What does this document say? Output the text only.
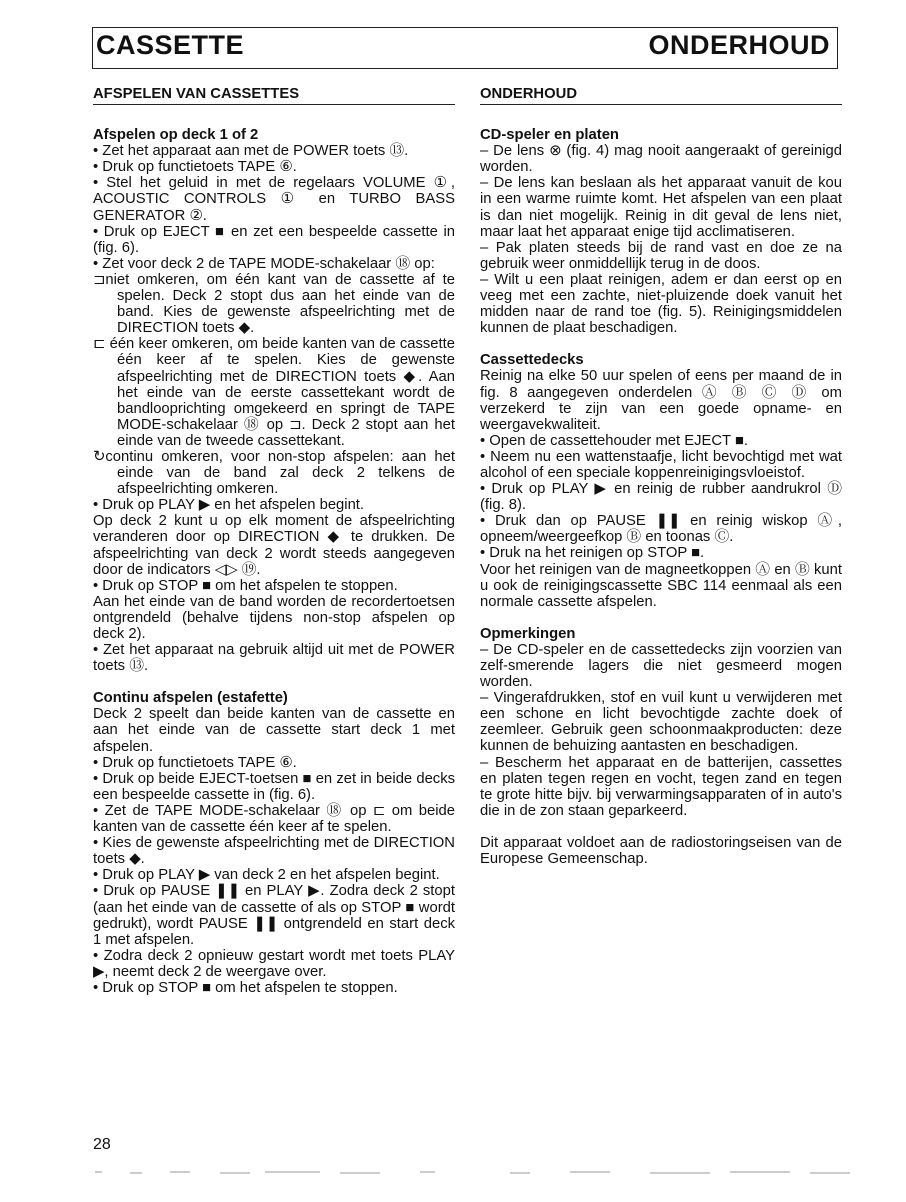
CASSETTE	ONDERHOUD
AFSPELEN VAN CASSETTES
Afspelen op deck 1 of 2

• Zet het apparaat aan met de POWER toets ⑬.

• Druk op functietoets TAPE ⑥.

• Stel het geluid in met de regelaars VOLUME ①, ACOUSTIC CONTROLS ① en TURBO BASS GENERATOR ②.

• Druk op EJECT ■ en zet een bespeelde cassette in (fig. 6).

• Zet voor deck 2 de TAPE MODE-schakelaar ⑱ op:

⊐niet omkeren, om één kant van de cassette af te spelen. Deck 2 stopt dus aan het einde van de band. Kies de gewenste afspeelrichting met de DIRECTION toets ◆.

⊏ één keer omkeren, om beide kanten van de cassette één keer af te spelen. Kies de gewenste afspeelrichting met de DIRECTION toets ◆. Aan het einde van de eerste cassettekant wordt de bandlooprichting omgekeerd en springt de TAPE MODE-schakelaar ⑱ op ⊐. Deck 2 stopt aan het einde van de tweede cassettekant.

↻continu omkeren, voor non-stop afspelen: aan het einde van de band zal deck 2 telkens de afspeelrichting omkeren.

• Druk op PLAY ▶ en het afspelen begint.

Op deck 2 kunt u op elk moment de afspeelrichting veranderen door op DIRECTION ◆ te drukken. De afspeelrichting van deck 2 wordt steeds aangegeven door de indicators ◁▷ ⑲.

• Druk op STOP ■ om het afspelen te stoppen.

Aan het einde van de band worden de recordertoetsen ontgrendeld (behalve tijdens non-stop afspelen op deck 2).

• Zet het apparaat na gebruik altijd uit met de POWER toets ⑬.

Continu afspelen (estafette)

Deck 2 speelt dan beide kanten van de cassette en aan het einde van de cassette start deck 1 met afspelen.

• Druk op functietoets TAPE ⑥.

• Druk op beide EJECT-toetsen ■ en zet in beide decks een bespeelde cassette in (fig. 6).

• Zet de TAPE MODE-schakelaar ⑱ op ⊏ om beide kanten van de cassette één keer af te spelen.

• Kies de gewenste afspeelrichting met de DIRECTION toets ◆.

• Druk op PLAY ▶ van deck 2 en het afspelen begint.

• Druk op PAUSE ❚❚ en PLAY ▶. Zodra deck 2 stopt (aan het einde van de cassette of als op STOP ■ wordt gedrukt), wordt PAUSE ❚❚ ontgrendeld en start deck 1 met afspelen.

• Zodra deck 2 opnieuw gestart wordt met toets PLAY ▶, neemt deck 2 de weergave over.

• Druk op STOP ■ om het afspelen te stoppen.

ONDERHOUD
CD-speler en platen

– De lens ⊗ (fig. 4) mag nooit aangeraakt of gereinigd worden.

– De lens kan beslaan als het apparaat vanuit de kou in een warme ruimte komt. Het afspelen van een plaat is dan niet mogelijk. Reinig in dit geval de lens niet, maar laat het apparaat enige tijd acclimatiseren.

– Pak platen steeds bij de rand vast en doe ze na gebruik weer onmiddellijk terug in de doos.

– Wilt u een plaat reinigen, adem er dan eerst op en veeg met een zachte, niet-pluizende doek vanuit het midden naar de rand toe (fig. 5). Reinigingsmiddelen kunnen de plaat beschadigen.

Cassettedecks

Reinig na elke 50 uur spelen of eens per maand de in fig. 8 aangegeven onderdelen Ⓐ Ⓑ Ⓒ Ⓓ om verzekerd te zijn van een goede opname- en weergavekwaliteit.

• Open de cassettehouder met EJECT ■.

• Neem nu een wattenstaafje, licht bevochtigd met wat alcohol of een speciale koppenreinigingsvloeistof.

• Druk op PLAY ▶ en reinig de rubber aandrukrol Ⓓ (fig. 8).

• Druk dan op PAUSE ❚❚ en reinig wiskop Ⓐ, opneem/weergeefkop Ⓑ en toonas Ⓒ.

• Druk na het reinigen op STOP ■.

Voor het reinigen van de magneetkoppen Ⓐ en Ⓑ kunt u ook de reinigingscassette SBC 114 eenmaal als een normale cassette afspelen.

Opmerkingen

– De CD-speler en de cassettedecks zijn voorzien van zelf-smerende lagers die niet gesmeerd mogen worden.

– Vingerafdrukken, stof en vuil kunt u verwijderen met een schone en licht bevochtigde zachte doek of zeemleer. Gebruik geen schoonmaakproducten: deze kunnen de behuizing aantasten en beschadigen.

– Bescherm het apparaat en de batterijen, cassettes en platen tegen regen en vocht, tegen zand en tegen te grote hitte bijv. bij verwarmingsapparaten of in auto's die in de zon staan geparkeerd.

Dit apparaat voldoet aan de radiostoringseisen van de Europese Gemeenschap.

28
